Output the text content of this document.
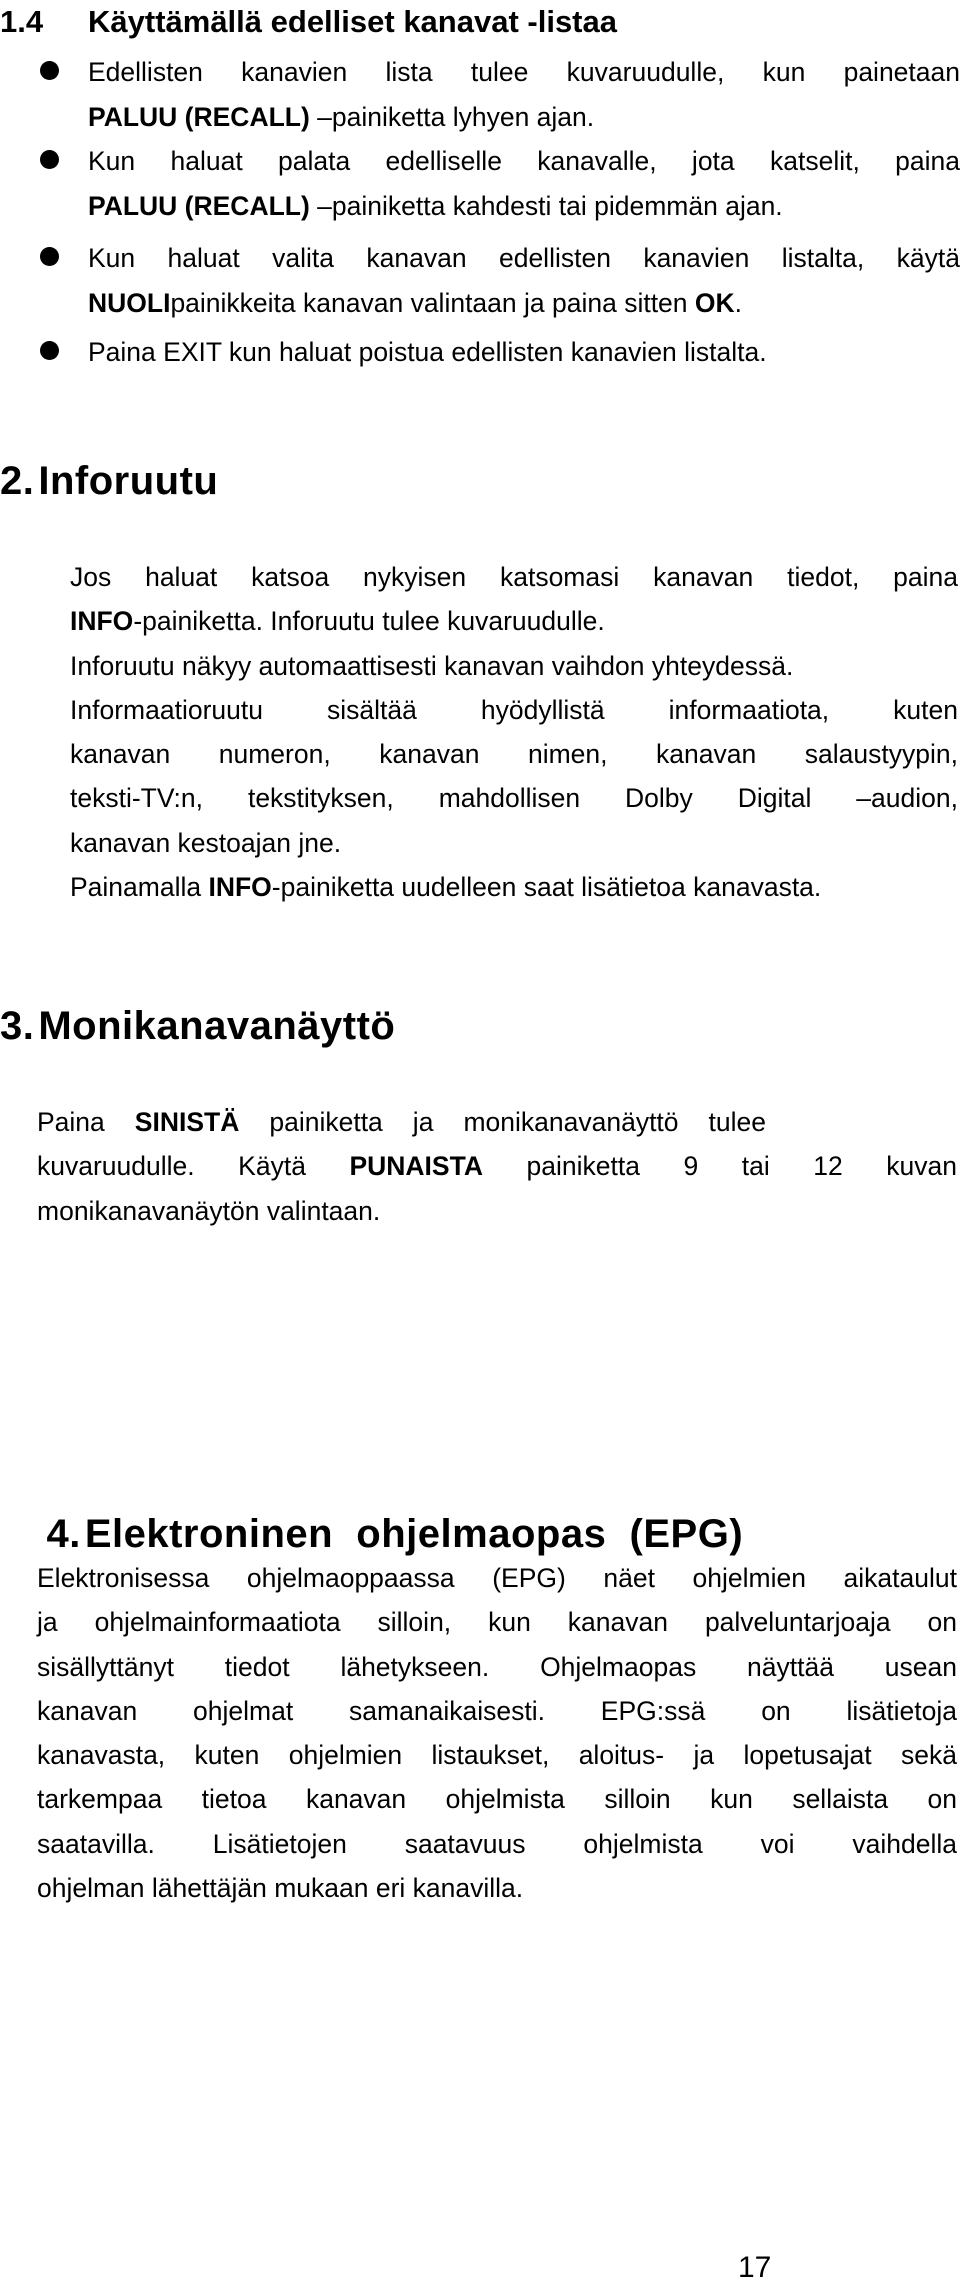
1.4 Käyttämällä edelliset kanavat -listaa
Edellisten kanavien lista tulee kuvaruudulle, kun painetaan
PALUU (RECALL) –painiketta lyhyen ajan.
Kun haluat palata edelliselle kanavalle, jota katselit, paina
PALUU (RECALL) –painiketta kahdesti tai pidemmän ajan.
Kun haluat valita kanavan edellisten kanavien listalta, käytä
NUOLIpainikkeita kanavan valintaan ja paina sitten OK.
Paina EXIT kun haluat poistua edellisten kanavien listalta.
2. Inforuutu
Jos haluat katsoa nykyisen katsomasi kanavan tiedot, paina
INFO-painiketta. Inforuutu tulee kuvaruudulle.
Inforuutu näkyy automaattisesti kanavan vaihdon yhteydessä.
Informaatioruutu sisältää hyödyllistä informaatiota, kuten
kanavan numeron, kanavan nimen, kanavan salaustyypin,
teksti-TV:n, tekstityksen, mahdollisen Dolby Digital –audion,
kanavan kestoajan jne.
Painamalla INFO-painiketta uudelleen saat lisätietoa kanavasta.
3. Monikanavanäyttö
Paina SINISTÄ painiketta ja monikanavanäyttö tulee
kuvaruudulle. Käytä PUNAISTA painiketta 9 tai 12 kuvan
monikanavanäytön valintaan.

4. Elektroninen  ohjelmaopas  (EPG)

Elektronisessa ohjelmaoppaassa (EPG) näet ohjelmien aikataulut
ja ohjelmainformaatiota silloin, kun kanavan palveluntarjoaja on
sisällyttänyt tiedot lähetykseen. Ohjelmaopas näyttää usean
kanavan ohjelmat samanaikaisesti. EPG:ssä on lisätietoja
kanavasta, kuten ohjelmien listaukset, aloitus- ja lopetusajat sekä
tarkempaa tietoa kanavan ohjelmista silloin kun sellaista on
saatavilla. Lisätietojen saatavuus ohjelmista voi vaihdella
ohjelman lähettäjän mukaan eri kanavilla.
17
